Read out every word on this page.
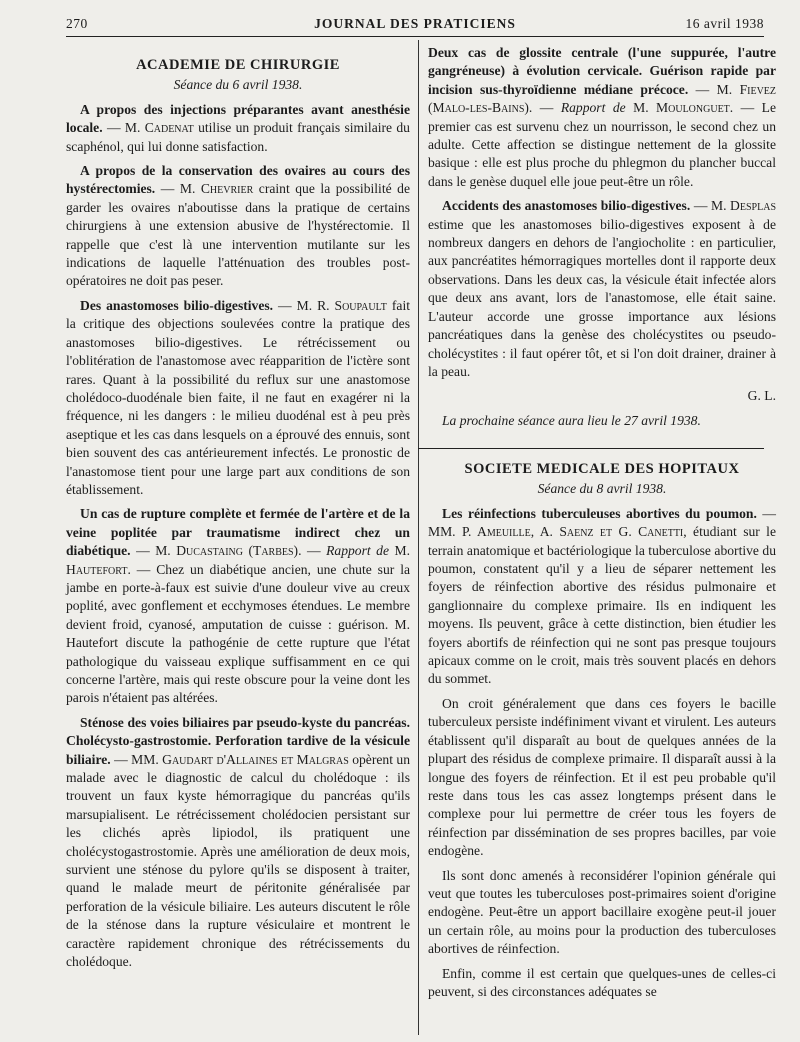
270	JOURNAL DES PRATICIENS	16 avril 1938
ACADEMIE DE CHIRURGIE
Séance du 6 avril 1938.

A propos des injections préparantes avant anesthésie locale. — M. Cadenat utilise un produit français similaire du scaphénol, qui lui donne satisfaction.

A propos de la conservation des ovaires au cours des hystérectomies. — M. Chevrier craint que la possibilité de garder les ovaires n'aboutisse dans la pratique de certains chirurgiens à une extension abusive de l'hystérectomie. Il rappelle que c'est là une intervention mutilante sur les indications de laquelle l'atténuation des troubles post-opératoires ne doit pas peser.

Des anastomoses bilio-digestives. — M. R. Soupault fait la critique des objections soulevées contre la pratique des anastomoses bilio-digestives. Le rétrécissement ou l'oblitération de l'anastomose avec réapparition de l'ictère sont rares. Quant à la possibilité du reflux sur une anastomose cholédoco-duodénale bien faite, il ne faut en exagérer ni la fréquence, ni les dangers : le milieu duodénal est à peu près aseptique et les cas dans lesquels on a éprouvé des ennuis, sont bien souvent des cas antérieurement infectés. Le pronostic de l'anastomose tient pour une large part aux conditions de son établissement.

Un cas de rupture complète et fermée de l'artère et de la veine poplitée par traumatisme indirect chez un diabétique. — M. Ducastaing (Tarbes). — Rapport de M. Hautefort. — Chez un diabétique ancien, une chute sur la jambe en porte-à-faux est suivie d'une douleur vive au creux poplité, avec gonflement et ecchymoses étendues. Le membre devient froid, cyanosé, amputation de cuisse : guérison. M. Hautefort discute la pathogénie de cette rupture que l'état pathologique du vaisseau explique suffisamment en ce qui concerne l'artère, mais qui reste obscure pour la veine dont les parois n'étaient pas altérées.

Sténose des voies biliaires par pseudo-kyste du pancréas. Cholécysto-gastrostomie. Perforation tardive de la vésicule biliaire. — MM. Gaudart d'Allaines et Malgras opèrent un malade avec le diagnostic de calcul du cholédoque : ils trouvent un faux kyste hémorragique du pancréas qu'ils marsupialisent. Le rétrécissement cholédocien persistant sur les clichés après lipiodol, ils pratiquent une cholécystogastrostomie. Après une amélioration de deux mois, survient une sténose du pylore qu'ils se disposent à traiter, quand le malade meurt de péritonite généralisée par perforation de la vésicule biliaire. Les auteurs discutent le rôle de la sténose dans la rupture vésiculaire et montrent le caractère rapidement chronique des rétrécissements du cholédoque.

Deux cas de glossite centrale (l'une suppurée, l'autre gangréneuse) à évolution cervicale. Guérison rapide par incision sus-thyroïdienne médiane précoce. — M. Fievez (Malo-les-Bains). — Rapport de M. Moulonguet. — Le premier cas est survenu chez un nourrisson, le second chez un adulte. Cette affection se distingue nettement de la glossite basique : elle est plus proche du phlegmon du plancher buccal dans le genèse duquel elle joue peut-être un rôle.

Accidents des anastomoses bilio-digestives. — M. Desplas estime que les anastomoses bilio-digestives exposent à de nombreux dangers en dehors de l'angiocholite : en particulier, aux pancréatites hémorragiques mortelles dont il rapporte deux observations. Dans les deux cas, la vésicule était infectée alors que deux ans avant, lors de l'anastomose, elle était saine. L'auteur accorde une grosse importance aux lésions pancréatiques dans la genèse des cholécystites ou pseudo-cholécystites : il faut opérer tôt, et si l'on doit drainer, drainer à la peau.

G. L.

La prochaine séance aura lieu le 27 avril 1938.

SOCIETE MEDICALE DES HOPITAUX
Séance du 8 avril 1938.

Les réinfections tuberculeuses abortives du poumon. — MM. P. Ameuille, A. Saenz et G. Canetti, étudiant sur le terrain anatomique et bactériologique la tuberculose abortive du poumon, constatent qu'il y a lieu de séparer nettement les foyers de réinfection abortive des résidus pulmonaire et ganglionnaire du complexe primaire. Ils en indiquent les moyens. Ils peuvent, grâce à cette distinction, bien étudier les foyers abortifs de réinfection qui ne sont pas presque toujours apicaux comme on le croit, mais très souvent placés en dehors du sommet.

On croit généralement que dans ces foyers le bacille tuberculeux persiste indéfiniment vivant et virulent. Les auteurs établissent qu'il disparaît au bout de quelques années de la plupart des résidus de complexe primaire. Il disparaît aussi à la longue des foyers de réinfection. Et il est peu probable qu'il reste dans tous les cas assez longtemps présent dans le complexe pour lui permettre de créer tous les foyers de réinfection par dissémination de ses propres bacilles, par voie endogène.

Ils sont donc amenés à reconsidérer l'opinion générale qui veut que toutes les tuberculoses post-primaires soient d'origine endogène. Peut-être un apport bacillaire exogène peut-il jouer un certain rôle, au moins pour la production des tuberculoses abortives de réinfection.

Enfin, comme il est certain que quelques-unes de celles-ci peuvent, si des circonstances adéquates se
